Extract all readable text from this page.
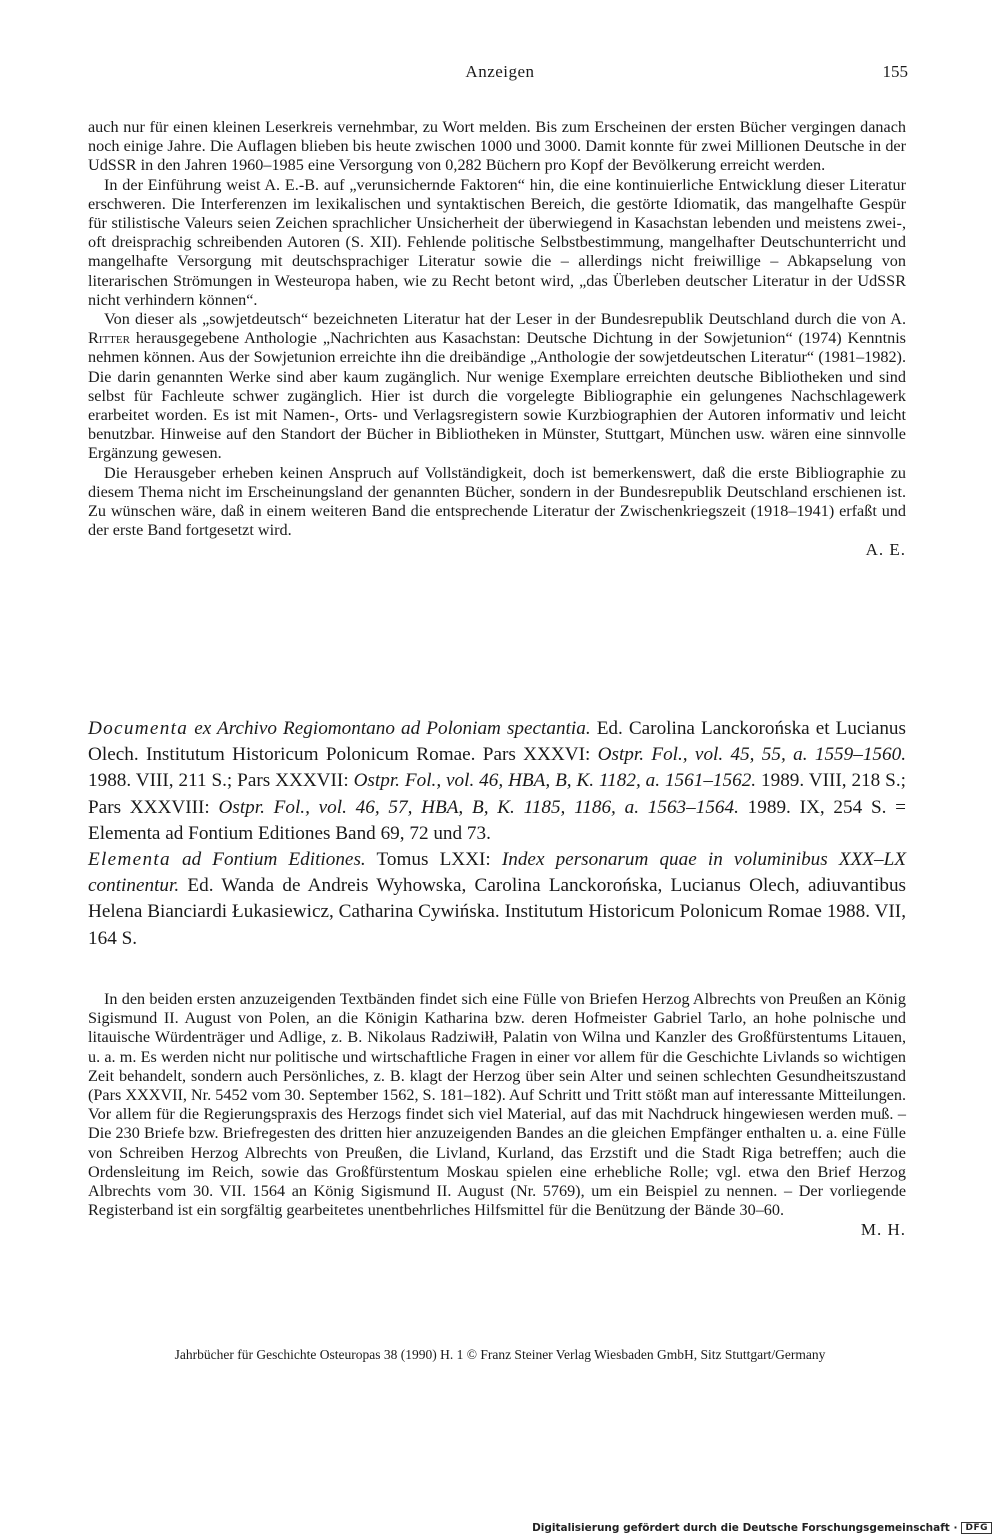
Anzeigen	155

auch nur für einen kleinen Leserkreis vernehmbar, zu Wort melden. Bis zum Erscheinen der ersten Bücher vergingen danach noch einige Jahre. Die Auflagen blieben bis heute zwischen 1000 und 3000. Damit konnte für zwei Millionen Deutsche in der UdSSR in den Jahren 1960–1985 eine Versorgung von 0,282 Büchern pro Kopf der Bevölkerung erreicht werden.

In der Einführung weist A. E.-B. auf „verunsichernde Faktoren“ hin, die eine kontinuierliche Entwicklung dieser Literatur erschweren. Die Interferenzen im lexikalischen und syntaktischen Bereich, die gestörte Idiomatik, das mangelhafte Gespür für stilistische Valeurs seien Zeichen sprachlicher Unsicherheit der überwiegend in Kasachstan lebenden und meistens zwei-, oft dreisprachig schreibenden Autoren (S. XII). Fehlende politische Selbstbestimmung, mangelhafter Deutschunterricht und mangelhafte Versorgung mit deutschsprachiger Literatur sowie die – allerdings nicht freiwillige – Abkapselung von literarischen Strömungen in Westeuropa haben, wie zu Recht betont wird, „das Überleben deutscher Literatur in der UdSSR nicht verhindern können“.

Von dieser als „sowjetdeutsch“ bezeichneten Literatur hat der Leser in der Bundesrepublik Deutschland durch die von A. Ritter herausgegebene Anthologie „Nachrichten aus Kasachstan: Deutsche Dichtung in der Sowjetunion“ (1974) Kenntnis nehmen können. Aus der Sowjetunion erreichte ihn die dreibändige „Anthologie der sowjetdeutschen Literatur“ (1981–1982). Die darin genannten Werke sind aber kaum zugänglich. Nur wenige Exemplare erreichten deutsche Bibliotheken und sind selbst für Fachleute schwer zugänglich. Hier ist durch die vorgelegte Bibliographie ein gelungenes Nachschlagewerk erarbeitet worden. Es ist mit Namen-, Orts- und Verlagsregistern sowie Kurzbiographien der Autoren informativ und leicht benutzbar. Hinweise auf den Standort der Bücher in Bibliotheken in Münster, Stuttgart, München usw. wären eine sinnvolle Ergänzung gewesen.

Die Herausgeber erheben keinen Anspruch auf Vollständigkeit, doch ist bemerkenswert, daß die erste Bibliographie zu diesem Thema nicht im Erscheinungsland der genannten Bücher, sondern in der Bundesrepublik Deutschland erschienen ist. Zu wünschen wäre, daß in einem weiteren Band die entsprechende Literatur der Zwischenkriegszeit (1918–1941) erfaßt und der erste Band fortgesetzt wird.

A. E.

Documenta ex Archivo Regiomontano ad Poloniam spectantia. Ed. Carolina Lanckorońska et Lucianus Olech. Institutum Historicum Polonicum Romae. Pars XXXVI: Ostpr. Fol., vol. 45, 55, a. 1559–1560. 1988. VIII, 211 S.; Pars XXXVII: Ostpr. Fol., vol. 46, HBA, B, K. 1182, a. 1561–1562. 1989. VIII, 218 S.; Pars XXXVIII: Ostpr. Fol., vol. 46, 57, HBA, B, K. 1185, 1186, a. 1563–1564. 1989. IX, 254 S. = Elementa ad Fontium Editiones Band 69, 72 und 73.

Elementa ad Fontium Editiones. Tomus LXXI: Index personarum quae in voluminibus XXX–LX continentur. Ed. Wanda de Andreis Wyhowska, Carolina Lanckorońska, Lucianus Olech, adiuvantibus Helena Bianciardi Łukasiewicz, Catharina Cywińska. Institutum Historicum Polonicum Romae 1988. VII, 164 S.

In den beiden ersten anzuzeigenden Textbänden findet sich eine Fülle von Briefen Herzog Albrechts von Preußen an König Sigismund II. August von Polen, an die Königin Katharina bzw. deren Hofmeister Gabriel Tarlo, an hohe polnische und litauische Würdenträger und Adlige, z. B. Nikolaus Radziwiłł, Palatin von Wilna und Kanzler des Großfürstentums Litauen, u. a. m. Es werden nicht nur politische und wirtschaftliche Fragen in einer vor allem für die Geschichte Livlands so wichtigen Zeit behandelt, sondern auch Persönliches, z. B. klagt der Herzog über sein Alter und seinen schlechten Gesundheitszustand (Pars XXXVII, Nr. 5452 vom 30. September 1562, S. 181–182). Auf Schritt und Tritt stößt man auf interessante Mitteilungen. Vor allem für die Regierungspraxis des Herzogs findet sich viel Material, auf das mit Nachdruck hingewiesen werden muß. – Die 230 Briefe bzw. Briefregesten des dritten hier anzuzeigenden Bandes an die gleichen Empfänger enthalten u. a. eine Fülle von Schreiben Herzog Albrechts von Preußen, die Livland, Kurland, das Erzstift und die Stadt Riga betreffen; auch die Ordensleitung im Reich, sowie das Großfürstentum Moskau spielen eine erhebliche Rolle; vgl. etwa den Brief Herzog Albrechts vom 30. VII. 1564 an König Sigismund II. August (Nr. 5769), um ein Beispiel zu nennen. – Der vorliegende Registerband ist ein sorgfältig gearbeitetes unentbehrliches Hilfsmittel für die Benützung der Bände 30–60.

M. H.

Jahrbücher für Geschichte Osteuropas 38 (1990) H. 1 © Franz Steiner Verlag Wiesbaden GmbH, Sitz Stuttgart/Germany
Digitalisierung gefördert durch die Deutsche Forschungsgemeinschaft · DFG
